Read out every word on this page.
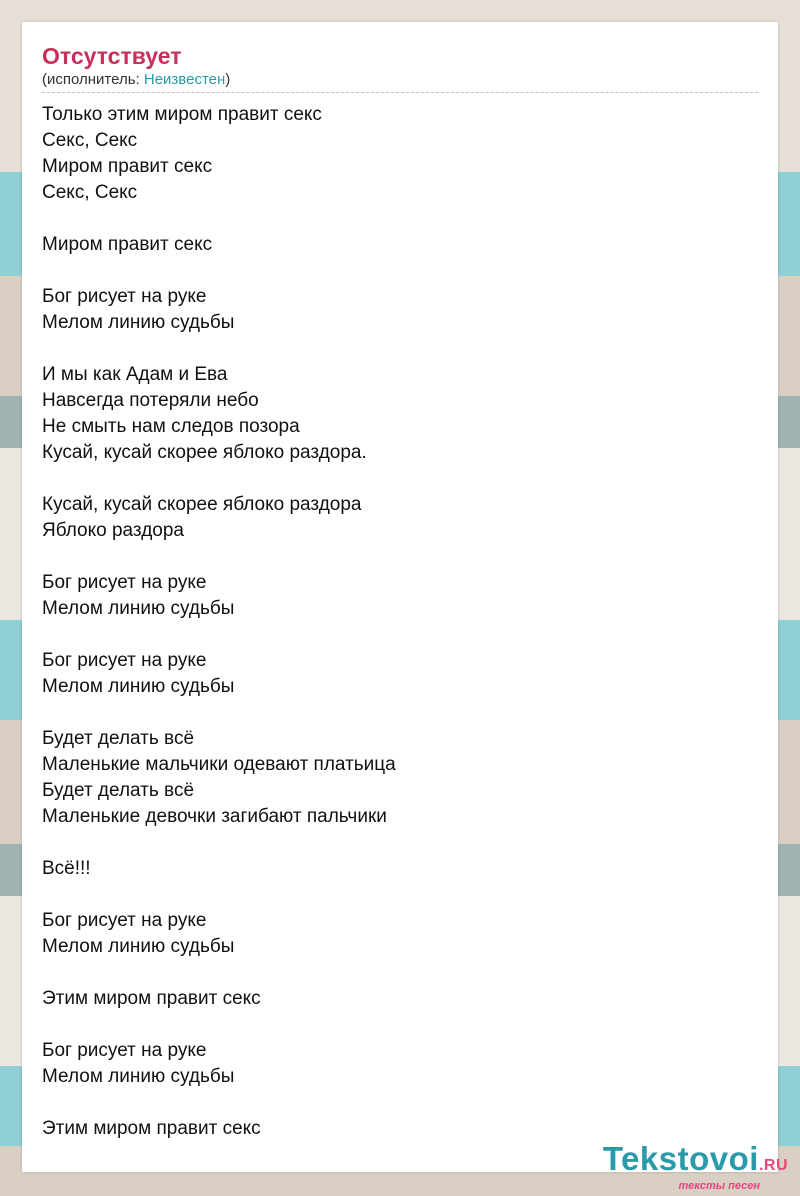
Отсутствует
(исполнитель: Неизвестен)
Только этим миром правит секс
Секс, Секс
Миром правит секс
Секс, Секс
Миром правит секс
Бог рисует на руке
Мелом линию судьбы
И мы как Адам и Ева
Навсегда потеряли небо
Не смыть нам следов позора
Кусай, кусай скорее яблоко раздора.
Кусай, кусай скорее яблоко раздора
Яблоко раздора
Бог рисует на руке
Мелом линию судьбы
Бог рисует на руке
Мелом линию судьбы
Будет делать всё
Маленькие мальчики одевают платьица
Будет делать всё
Маленькие девочки загибают пальчики
Всё!!!
Бог рисует на руке
Мелом линию судьбы
Этим миром правит секс
Бог рисует на руке
Мелом линию судьбы
Этим миром правит секс
Tekstovoi.RU
тексты песен
